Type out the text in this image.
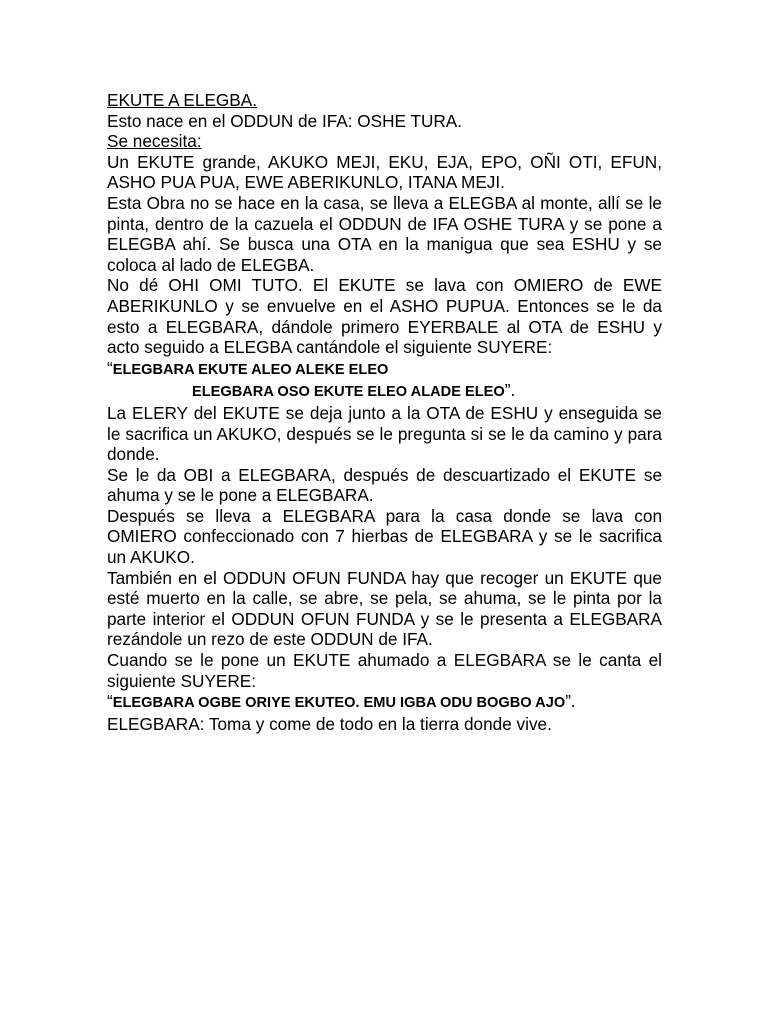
EKUTE A ELEGBA.
Esto nace en el ODDUN de IFA: OSHE TURA.
Se necesita:
Un EKUTE grande, AKUKO MEJI, EKU, EJA, EPO, OÑI OTI, EFUN, ASHO PUA PUA, EWE ABERIKUNLO, ITANA MEJI.
Esta Obra no se hace en la casa, se lleva a ELEGBA al monte, allí se le pinta, dentro de la cazuela el ODDUN de IFA OSHE TURA y se pone a ELEGBA ahí. Se busca una OTA en la manigua que sea ESHU y se coloca al lado de ELEGBA.
No dé OHI OMI TUTO. El EKUTE se lava con OMIERO de EWE ABERIKUNLO y se envuelve en el ASHO PUPUA. Entonces se le da esto a ELEGBARA, dándole primero EYERBALE al OTA de ESHU y acto seguido a ELEGBA cantándole el siguiente SUYERE:
“ELEGBARA EKUTE ALEO ALEKE ELEO
ELEGBARA OSO EKUTE ELEO ALADE ELEO”.
La ELERY del EKUTE se deja junto a la OTA de ESHU y enseguida se le sacrifica un AKUKO, después se le pregunta si se le da camino y para donde.
Se le da OBI a ELEGBARA, después de descuartizado el EKUTE se ahuma y se le pone a ELEGBARA.
Después se lleva a ELEGBARA para la casa donde se lava con OMIERO confeccionado con 7 hierbas de ELEGBARA y se le sacrifica un AKUKO.
También en el ODDUN OFUN FUNDA hay que recoger un EKUTE que esté muerto en la calle, se abre, se pela, se ahuma, se le pinta por la parte interior el ODDUN OFUN FUNDA y se le presenta a ELEGBARA rezándole un rezo de este ODDUN de IFA.
Cuando se le pone un EKUTE ahumado a ELEGBARA se le canta el siguiente SUYERE:
“ELEGBARA OGBE ORIYE EKUTEO. EMU IGBA ODU BOGBO AJO”.
ELEGBARA: Toma y come de todo en la tierra donde vive.
